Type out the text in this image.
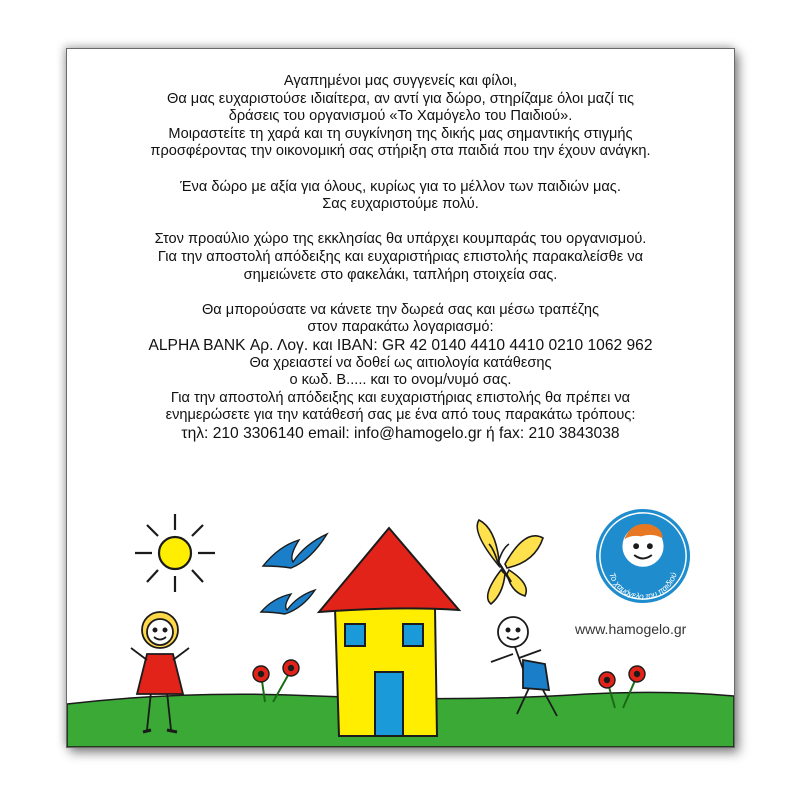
Αγαπημένοι μας συγγενείς και φίλοι,
Θα μας ευχαριστούσε ιδιαίτερα, αν αντί για δώρο, στηρίζαμε όλοι μαζί τις
δράσεις του οργανισμού «Το Χαμόγελο του Παιδιού».
Μοιραστείτε τη χαρά και τη συγκίνηση της δικής μας σημαντικής στιγμής
προσφέροντας την οικονομική σας στήριξη στα παιδιά που την έχουν ανάγκη.
Ένα δώρο με αξία για όλους, κυρίως για το μέλλον των παιδιών μας.
Σας ευχαριστούμε πολύ.
Στον προαύλιο χώρο της εκκλησίας θα υπάρχει κουμπαράς του οργανισμού.
Για την αποστολή απόδειξης και ευχαριστήριας επιστολής παρακαλείσθε να
σημειώνετε στο φακελάκι, ταπλήρη στοιχεία σας.
Θα μπορούσατε να κάνετε την δωρεά σας και μέσω τραπέζης
στον παρακάτω λογαριασμό:
ALPHA BANK Αρ. Λογ. και IBAN: GR 42 0140 4410 4410 0210 1062 962
Θα χρειαστεί να δοθεί ως αιτιολογία κατάθεσης
ο κωδ. Β..... και το ονομ/νυμό σας.
Για την αποστολή απόδειξης και ευχαριστήριας επιστολής θα πρέπει να
ενημερώσετε για την κατάθεσή σας με ένα από τους παρακάτω τρόπους:
τηλ: 210 3306140 email: info@hamogelo.gr ή fax: 210 3843038
Το χαμόγελο του παιδιού
www.hamogelo.gr
